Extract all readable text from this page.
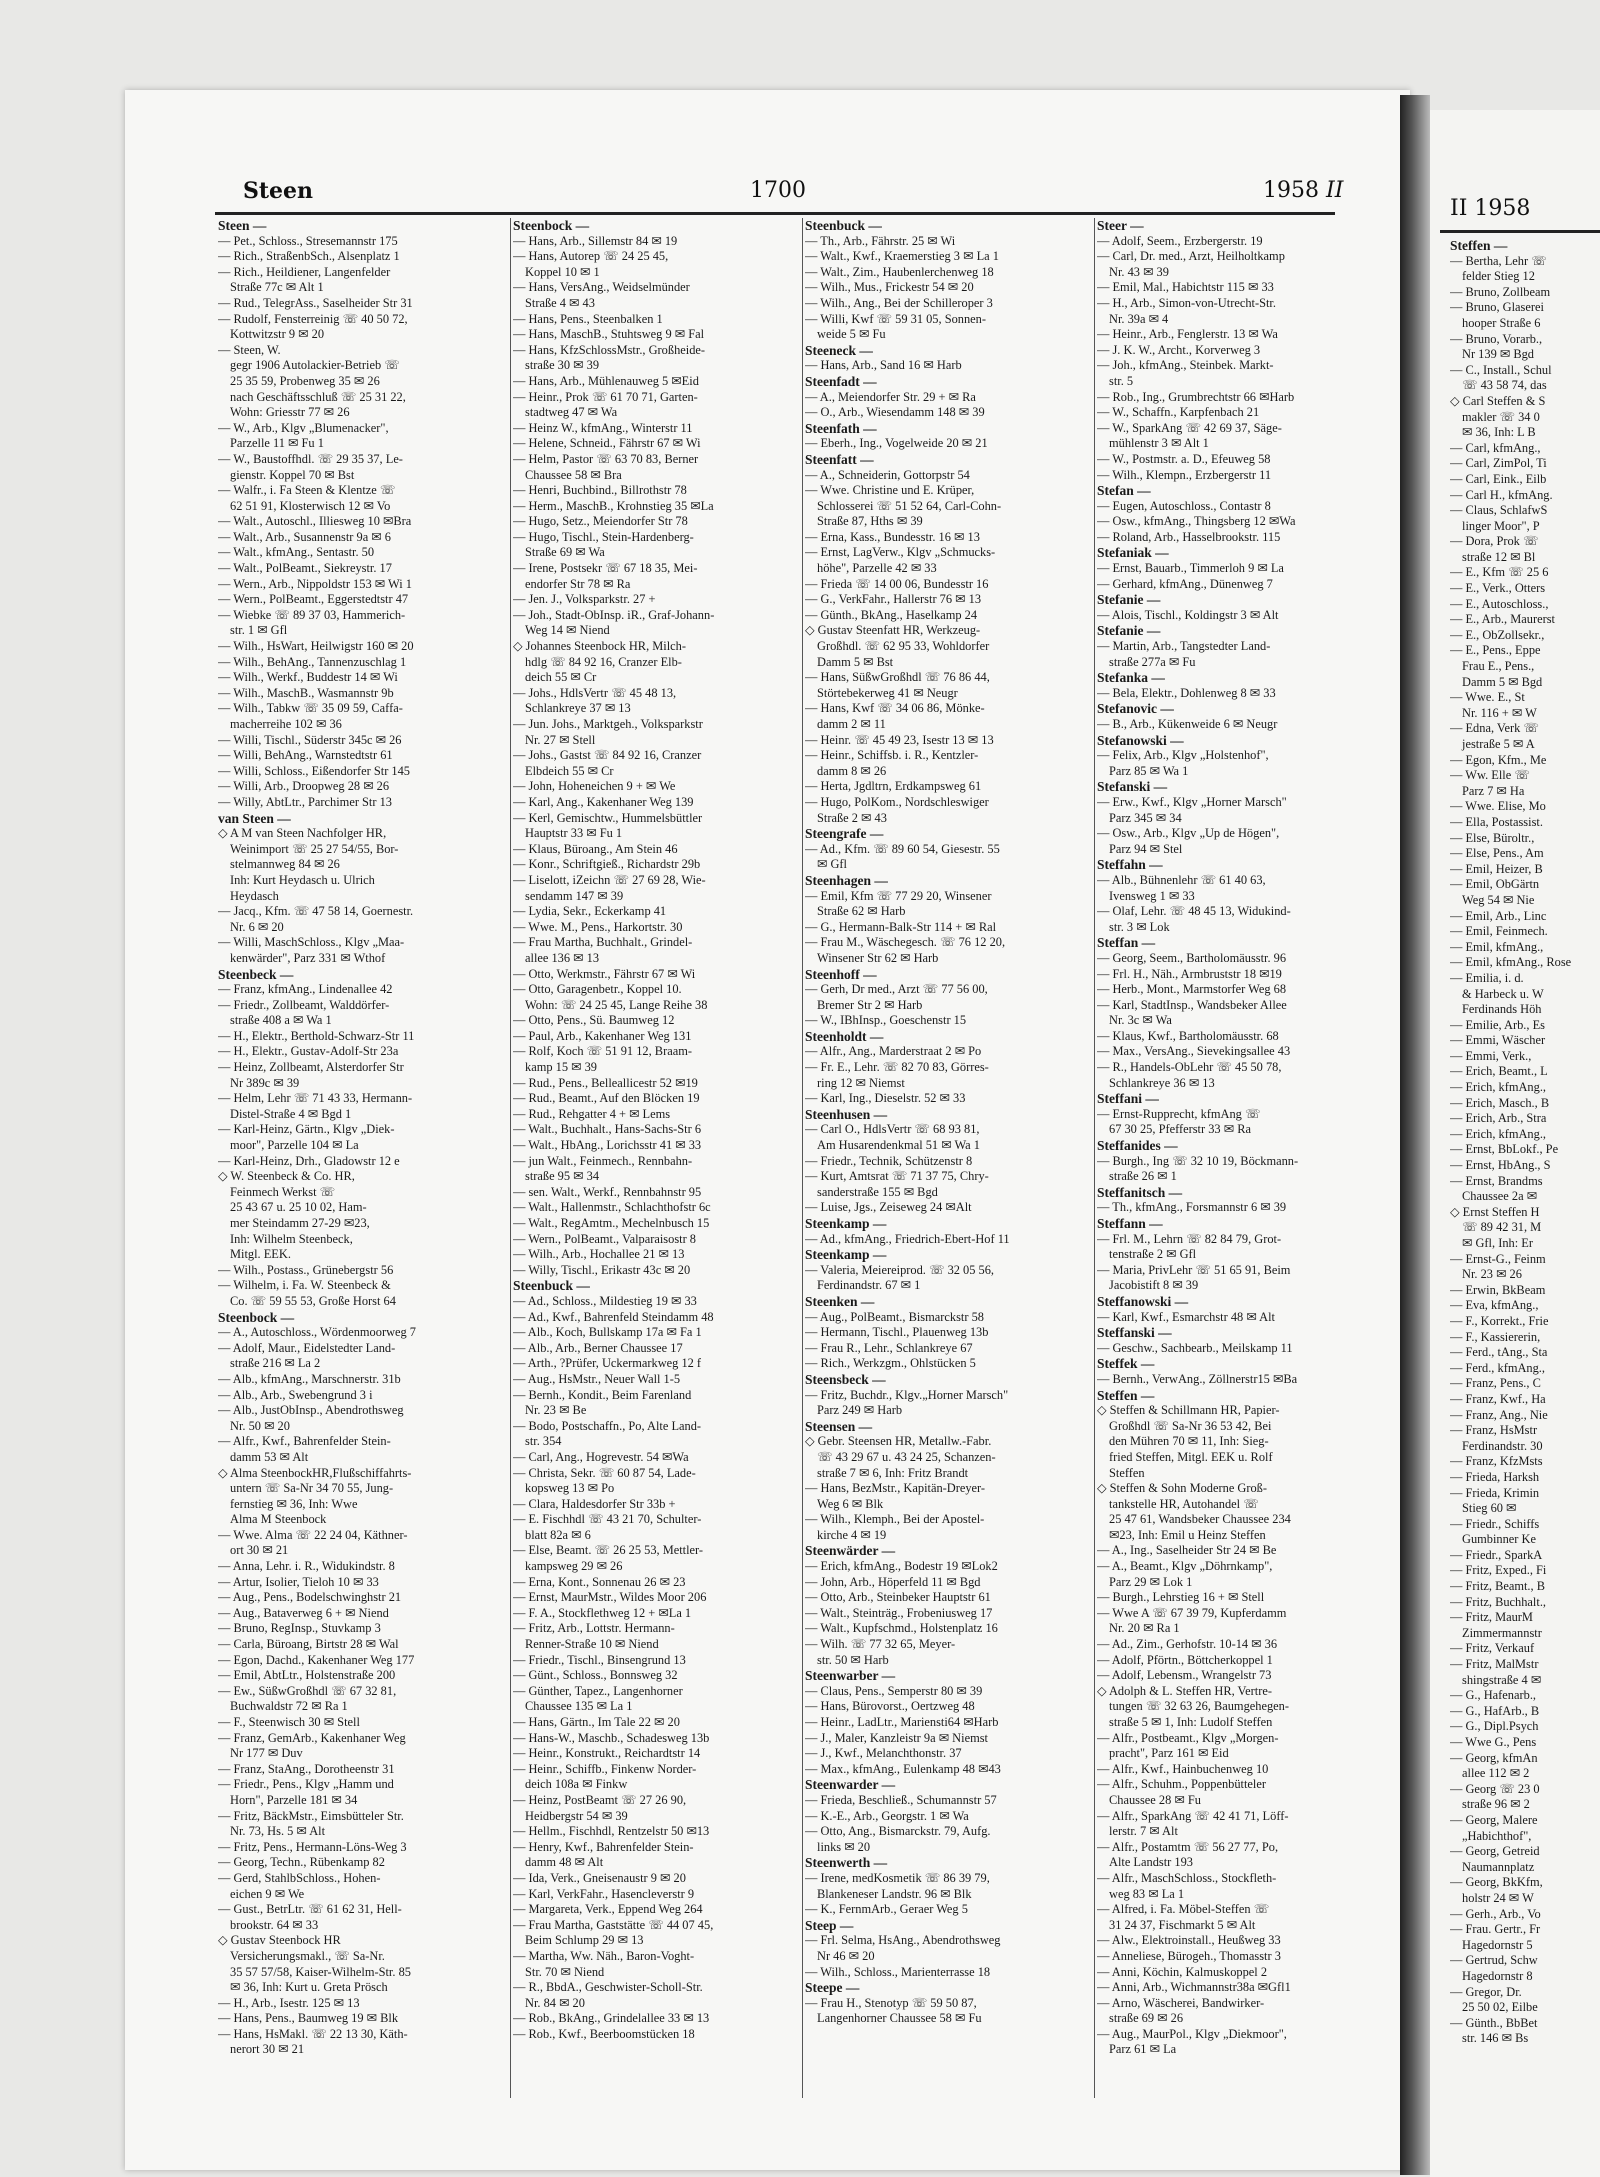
II 1958
Steffen —
— Bertha, Lehr ☏
felder Stieg 12
— Bruno, Zollbeam
— Bruno, Glaserei
hooper Straße 6
— Bruno, Vorarb.,
Nr 139 ✉ Bgd
— C., Install., Schul
☏ 43 58 74, das
◇ Carl Steffen & S
makler ☏ 34 0
✉ 36, Inh: L B
— Carl, kfmAng.,
— Carl, ZimPol, Ti
— Carl, Eink., Eilb
— Carl H., kfmAng.
— Claus, SchlafwS
linger Moor", P
— Dora, Prok ☏
straße 12 ✉ Bl
— E., Kfm ☏ 25 6
— E., Verk., Otters
— E., Autoschloss.,
— E., Arb., Maurerst
— E., ObZollsekr.,
— E., Pens., Eppe
Frau E., Pens.,
Damm 5 ✉ Bgd
— Wwe. E., St
Nr. 116 + ✉ W
— Edna, Verk ☏
jestraße 5 ✉ A
— Egon, Kfm., Me
— Ww. Elle ☏
Parz 7 ✉ Ha
— Wwe. Elise, Mo
— Ella, Postassist.
— Else, Büroltr.,
— Else, Pens., Am
— Emil, Heizer, B
— Emil, ObGärtn
Weg 54 ✉ Nie
— Emil, Arb., Linc
— Emil, Feinmech.
— Emil, kfmAng.,
— Emil, kfmAng., Rose
— Emilia, i. d.
& Harbeck u. W
Ferdinands Höh
— Emilie, Arb., Es
— Emmi, Wäscher
— Emmi, Verk.,
— Erich, Beamt., L
— Erich, kfmAng.,
— Erich, Masch., B
— Erich, Arb., Stra
— Erich, kfmAng.,
— Ernst, BbLokf., Pe
— Ernst, HbAng., S
— Ernst, Brandms
Chaussee 2a ✉
◇ Ernst Steffen H
☏ 89 42 31, M
✉ Gfl, Inh: Er
— Ernst-G., Feinm
Nr. 23 ✉ 26
— Erwin, BkBeam
— Eva, kfmAng.,
— F., Korrekt., Frie
— F., Kassiererin,
— Ferd., tAng., Sta
— Ferd., kfmAng.,
— Franz, Pens., C
— Franz, Kwf., Ha
— Franz, Ang., Nie
— Franz, HsMstr
Ferdinandstr. 30
— Franz, KfzMsts
— Frieda, Harksh
— Frieda, Krimin
Stieg 60 ✉
— Friedr., Schiffs
Gumbinner Ke
— Friedr., SparkA
— Fritz, Exped., Fi
— Fritz, Beamt., B
— Fritz, Buchhalt.,
— Fritz, MaurM
Zimmermannstr
— Fritz, Verkauf
— Fritz, MalMstr
shingstraße 4 ✉
— G., Hafenarb.,
— G., HafArb., B
— G., Dipl.Psych
— Wwe G., Pens
— Georg, kfmAn
allee 112 ✉ 2
— Georg ☏ 23 0
straße 96 ✉ 2
— Georg, Malere
„Habichthof",
— Georg, Getreid
Naumannplatz
— Georg, BkKfm,
holstr 24 ✉ W
— Gerh., Arb., Vo
— Frau. Gertr., Fr
Hagedornstr 5
— Gertrud, Schw
Hagedornstr 8
— Gregor, Dr.
25 50 02, Eilbe
— Günth., BbBet
str. 146 ✉ Bs
Steen	1700	1958 II
Steen —
— Pet., Schloss., Stresemannstr 175
— Rich., StraßenbSch., Alsenplatz 1
— Rich., Heildiener, Langenfelder
Straße 77c ✉ Alt 1
— Rud., TelegrAss., Saselheider Str 31
— Rudolf, Fensterreinig ☏ 40 50 72,
Kottwitzstr 9 ✉ 20
— Steen, W.
gegr 1906 Autolackier-Betrieb ☏
25 35 59, Probenweg 35 ✉ 26
nach Geschäftsschluß ☏ 25 31 22,
Wohn: Griesstr 77 ✉ 26
— W., Arb., Klgv „Blumenacker",
Parzelle 11 ✉ Fu 1
— W., Baustoffhdl. ☏ 29 35 37, Le-
gienstr. Koppel 70 ✉ Bst
— Walfr., i. Fa Steen & Klentze ☏
62 51 91, Klosterwisch 12 ✉ Vo
— Walt., Autoschl., Illiesweg 10 ✉Bra
— Walt., Arb., Susannenstr 9a ✉ 6
— Walt., kfmAng., Sentastr. 50
— Walt., PolBeamt., Siekreystr. 17
— Wern., Arb., Nippoldstr 153 ✉ Wi 1
— Wern., PolBeamt., Eggerstedtstr 47
— Wiebke ☏ 89 37 03, Hammerich-
str. 1 ✉ Gfl
— Wilh., HsWart, Heilwigstr 160 ✉ 20
— Wilh., BehAng., Tannenzuschlag 1
— Wilh., Werkf., Buddestr 14 ✉ Wi
— Wilh., MaschB., Wasmannstr 9b
— Wilh., Tabkw ☏ 35 09 59, Caffa-
macherreihe 102 ✉ 36
— Willi, Tischl., Süderstr 345c ✉ 26
— Willi, BehAng., Warnstedtstr 61
— Willi, Schloss., Eißendorfer Str 145
— Willi, Arb., Droopweg 28 ✉ 26
— Willy, AbtLtr., Parchimer Str 13
van Steen —
◇ A M van Steen Nachfolger HR,
Weinimport ☏ 25 27 54/55, Bor-
stelmannweg 84 ✉ 26
Inh: Kurt Heydasch u. Ulrich
Heydasch
— Jacq., Kfm. ☏ 47 58 14, Goernestr.
Nr. 6 ✉ 20
— Willi, MaschSchloss., Klgv „Maa-
kenwärder", Parz 331 ✉ Wthof
Steenbeck —
— Franz, kfmAng., Lindenallee 42
— Friedr., Zollbeamt, Walddörfer-
straße 408 a ✉ Wa 1
— H., Elektr., Berthold-Schwarz-Str 11
— H., Elektr., Gustav-Adolf-Str 23a
— Heinz, Zollbeamt, Alsterdorfer Str
Nr 389c ✉ 39
— Helm, Lehr ☏ 71 43 33, Hermann-
Distel-Straße 4 ✉ Bgd 1
— Karl-Heinz, Gärtn., Klgv „Diek-
moor", Parzelle 104 ✉ La
— Karl-Heinz, Drh., Gladowstr 12 e
◇ W. Steenbeck & Co. HR,
Feinmech Werkst ☏
25 43 67 u. 25 10 02, Ham-
mer Steindamm 27-29 ✉23,
Inh: Wilhelm Steenbeck,
Mitgl. EEK.
— Wilh., Postass., Grünebergstr 56
— Wilhelm, i. Fa. W. Steenbeck &
Co. ☏ 59 55 53, Große Horst 64
Steenbock —
— A., Autoschloss., Wördenmoorweg 7
— Adolf, Maur., Eidelstedter Land-
straße 216 ✉ La 2
— Alb., kfmAng., Marschnerstr. 31b
— Alb., Arb., Swebengrund 3 i
— Alb., JustObInsp., Abendrothsweg
Nr. 50 ✉ 20
— Alfr., Kwf., Bahrenfelder Stein-
damm 53 ✉ Alt
◇ Alma SteenbockHR,Flußschiffahrts-
untern ☏ Sa-Nr 34 70 55, Jung-
fernstieg ✉ 36, Inh: Wwe
Alma M Steenbock
— Wwe. Alma ☏ 22 24 04, Käthner-
ort 30 ✉ 21
— Anna, Lehr. i. R., Widukindstr. 8
— Artur, Isolier, Tieloh 10 ✉ 33
— Aug., Pens., Bodelschwinghstr 21
— Aug., Bataverweg 6 + ✉ Niend
— Bruno, RegInsp., Stuvkamp 3
— Carla, Büroang, Birtstr 28 ✉ Wal
— Egon, Dachd., Kakenhaner Weg 177
— Emil, AbtLtr., Holstenstraße 200
— Ew., SüßwGroßhdl ☏ 67 32 81,
Buchwaldstr 72 ✉ Ra 1
— F., Steenwisch 30 ✉ Stell
— Franz, GemArb., Kakenhaner Weg
Nr 177 ✉ Duv
— Franz, StaAng., Dorotheenstr 31
— Friedr., Pens., Klgv „Hamm und
Horn", Parzelle 181 ✉ 34
— Fritz, BäckMstr., Eimsbütteler Str.
Nr. 73, Hs. 5 ✉ Alt
— Fritz, Pens., Hermann-Löns-Weg 3
— Georg, Techn., Rübenkamp 82
— Gerd, StahlbSchloss., Hohen-
eichen 9 ✉ We
— Gust., BetrLtr. ☏ 61 62 31, Hell-
brookstr. 64 ✉ 33
◇ Gustav Steenbock HR
Versicherungsmakl., ☏ Sa-Nr.
35 57 57/58, Kaiser-Wilhelm-Str. 85
✉ 36, Inh: Kurt u. Greta Prösch
— H., Arb., Isestr. 125 ✉ 13
— Hans, Pens., Baumweg 19 ✉ Blk
— Hans, HsMakl. ☏ 22 13 30, Käth-
nerort 30 ✉ 21
Steenbock —
— Hans, Arb., Sillemstr 84 ✉ 19
— Hans, Autorep ☏ 24 25 45,
Koppel 10 ✉ 1
— Hans, VersAng., Weidselmünder
Straße 4 ✉ 43
— Hans, Pens., Steenbalken 1
— Hans, MaschB., Stuhtsweg 9 ✉ Fal
— Hans, KfzSchlossMstr., Großheide-
straße 30 ✉ 39
— Hans, Arb., Mühlenauweg 5 ✉Eid
— Heinr., Prok ☏ 61 70 71, Garten-
stadtweg 47 ✉ Wa
— Heinz W., kfmAng., Winterstr 11
— Helene, Schneid., Fährstr 67 ✉ Wi
— Helm, Pastor ☏ 63 70 83, Berner
Chaussee 58 ✉ Bra
— Henri, Buchbind., Billrothstr 78
— Herm., MaschB., Krohnstieg 35 ✉La
— Hugo, Setz., Meiendorfer Str 78
— Hugo, Tischl., Stein-Hardenberg-
Straße 69 ✉ Wa
— Irene, Postsekr ☏ 67 18 35, Mei-
endorfer Str 78 ✉ Ra
— Jen. J., Volksparkstr. 27 +
— Joh., Stadt-ObInsp. iR., Graf-Johann-
Weg 14 ✉ Niend
◇ Johannes Steenbock HR, Milch-
hdlg ☏ 84 92 16, Cranzer Elb-
deich 55 ✉ Cr
— Johs., HdlsVertr ☏ 45 48 13,
Schlankreye 37 ✉ 13
— Jun. Johs., Marktgeh., Volksparkstr
Nr. 27 ✉ Stell
— Johs., Gastst ☏ 84 92 16, Cranzer
Elbdeich 55 ✉ Cr
— John, Hoheneichen 9 + ✉ We
— Karl, Ang., Kakenhaner Weg 139
— Kerl, Gemischtw., Hummelsbüttler
Hauptstr 33 ✉ Fu 1
— Klaus, Büroang., Am Stein 46
— Konr., Schriftgieß., Richardstr 29b
— Liselott, iZeichn ☏ 27 69 28, Wie-
sendamm 147 ✉ 39
— Lydia, Sekr., Eckerkamp 41
— Wwe. M., Pens., Harkortstr. 30
— Frau Martha, Buchhalt., Grindel-
allee 136 ✉ 13
— Otto, Werkmstr., Fährstr 67 ✉ Wi
— Otto, Garagenbetr., Koppel 10.
Wohn: ☏ 24 25 45, Lange Reihe 38
— Otto, Pens., Sü. Baumweg 12
— Paul, Arb., Kakenhaner Weg 131
— Rolf, Koch ☏ 51 91 12, Braam-
kamp 15 ✉ 39
— Rud., Pens., Belleallicestr 52 ✉19
— Rud., Beamt., Auf den Blöcken 19
— Rud., Rehgatter 4 + ✉ Lems
— Walt., Buchhalt., Hans-Sachs-Str 6
— Walt., HbAng., Lorichsstr 41 ✉ 33
— jun Walt., Feinmech., Rennbahn-
straße 95 ✉ 34
— sen. Walt., Werkf., Rennbahnstr 95
— Walt., Hallenmstr., Schlachthofstr 6c
— Walt., RegAmtm., Mechelnbusch 15
— Wern., PolBeamt., Valparaisostr 8
— Wilh., Arb., Hochallee 21 ✉ 13
— Willy, Tischl., Erikastr 43c ✉ 20
Steenbuck —
— Ad., Schloss., Mildestieg 19 ✉ 33
— Ad., Kwf., Bahrenfeld Steindamm 48
— Alb., Koch, Bullskamp 17a ✉ Fa 1
— Alb., Arb., Berner Chaussee 17
— Arth., ?Prüfer, Uckermarkweg 12 f
— Aug., HsMstr., Neuer Wall 1-5
— Bernh., Kondit., Beim Farenland
Nr. 23 ✉ Be
— Bodo, Postschaffn., Po, Alte Land-
str. 354
— Carl, Ang., Hogrevestr. 54 ✉Wa
— Christa, Sekr. ☏ 60 87 54, Lade-
kopsweg 13 ✉ Po
— Clara, Haldesdorfer Str 33b +
— E. Fischhdl ☏ 43 21 70, Schulter-
blatt 82a ✉ 6
— Else, Beamt. ☏ 26 25 53, Mettler-
kampsweg 29 ✉ 26
— Erna, Kont., Sonnenau 26 ✉ 23
— Ernst, MaurMstr., Wildes Moor 206
— F. A., Stockflethweg 12 + ✉La 1
— Fritz, Arb., Lottstr. Hermann-
Renner-Straße 10 ✉ Niend
— Friedr., Tischl., Binsengrund 13
— Günt., Schloss., Bonnsweg 32
— Günther, Tapez., Langenhorner
Chaussee 135 ✉ La 1
— Hans, Gärtn., Im Tale 22 ✉ 20
— Hans-W., Maschb., Schadesweg 13b
— Heinr., Konstrukt., Reichardtstr 14
— Heinr., Schiffb., Finkenw Norder-
deich 108a ✉ Finkw
— Heinz, PostBeamt ☏ 27 26 90,
Heidbergstr 54 ✉ 39
— Hellm., Fischhdl, Rentzelstr 50 ✉13
— Henry, Kwf., Bahrenfelder Stein-
damm 48 ✉ Alt
— Ida, Verk., Gneisenaustr 9 ✉ 20
— Karl, VerkFahr., Hasencleverstr 9
— Margareta, Verk., Eppend Weg 264
— Frau Martha, Gaststätte ☏ 44 07 45,
Beim Schlump 29 ✉ 13
— Martha, Ww. Näh., Baron-Voght-
Str. 70 ✉ Niend
— R., BbdA., Geschwister-Scholl-Str.
Nr. 84 ✉ 20
— Rob., BkAng., Grindelallee 33 ✉ 13
— Rob., Kwf., Beerboomstücken 18
Steenbuck —
— Th., Arb., Fährstr. 25 ✉ Wi
— Walt., Kwf., Kraemerstieg 3 ✉ La 1
— Walt., Zim., Haubenlerchenweg 18
— Wilh., Mus., Frickestr 54 ✉ 20
— Wilh., Ang., Bei der Schilleroper 3
— Willi, Kwf ☏ 59 31 05, Sonnen-
weide 5 ✉ Fu
Steeneck —
— Hans, Arb., Sand 16 ✉ Harb
Steenfadt —
— A., Meiendorfer Str. 29 + ✉ Ra
— O., Arb., Wiesendamm 148 ✉ 39
Steenfath —
— Eberh., Ing., Vogelweide 20 ✉ 21
Steenfatt —
— A., Schneiderin, Gottorpstr 54
— Wwe. Christine und E. Krüper,
Schlosserei ☏ 51 52 64, Carl-Cohn-
Straße 87, Hths ✉ 39
— Erna, Kass., Bundesstr. 16 ✉ 13
— Ernst, LagVerw., Klgv „Schmucks-
höhe", Parzelle 42 ✉ 33
— Frieda ☏ 14 00 06, Bundesstr 16
— G., VerkFahr., Hallerstr 76 ✉ 13
— Günth., BkAng., Haselkamp 24
◇ Gustav Steenfatt HR, Werkzeug-
Großhdl. ☏ 62 95 33, Wohldorfer
Damm 5 ✉ Bst
— Hans, SüßwGroßhdl ☏ 76 86 44,
Störtebekerweg 41 ✉ Neugr
— Hans, Kwf ☏ 34 06 86, Mönke-
damm 2 ✉ 11
— Heinr. ☏ 45 49 23, Isestr 13 ✉ 13
— Heinr., Schiffsb. i. R., Kentzler-
damm 8 ✉ 26
— Herta, Jgdltrn, Erdkampsweg 61
— Hugo, PolKom., Nordschleswiger
Straße 2 ✉ 43
Steengrafe —
— Ad., Kfm. ☏ 89 60 54, Giesestr. 55
✉ Gfl
Steenhagen —
— Emil, Kfm ☏ 77 29 20, Winsener
Straße 62 ✉ Harb
— G., Hermann-Balk-Str 114 + ✉ Ral
— Frau M., Wäschegesch. ☏ 76 12 20,
Winsener Str 62 ✉ Harb
Steenhoff —
— Gerh, Dr med., Arzt ☏ 77 56 00,
Bremer Str 2 ✉ Harb
— W., IBhInsp., Goeschenstr 15
Steenholdt —
— Alfr., Ang., Marderstraat 2 ✉ Po
— Fr. E., Lehr. ☏ 82 70 83, Görres-
ring 12 ✉ Niemst
— Karl, Ing., Dieselstr. 52 ✉ 33
Steenhusen —
— Carl O., HdlsVertr ☏ 68 93 81,
Am Husarendenkmal 51 ✉ Wa 1
— Friedr., Technik, Schützenstr 8
— Kurt, Amtsrat ☏ 71 37 75, Chry-
sanderstraße 155 ✉ Bgd
— Luise, Jgs., Zeiseweg 24 ✉Alt
Steenkamp —
— Ad., kfmAng., Friedrich-Ebert-Hof 11
Steenkamp —
— Valeria, Meiereiprod. ☏ 32 05 56,
Ferdinandstr. 67 ✉ 1
Steenken —
— Aug., PolBeamt., Bismarckstr 58
— Hermann, Tischl., Plauenweg 13b
— Frau R., Lehr., Schlankreye 67
— Rich., Werkzgm., Ohlstücken 5
Steensbeck —
— Fritz, Buchdr., Klgv.„Horner Marsch"
Parz 249 ✉ Harb
Steensen —
◇ Gebr. Steensen HR, Metallw.-Fabr.
☏ 43 29 67 u. 43 24 25, Schanzen-
straße 7 ✉ 6, Inh: Fritz Brandt
— Hans, BezMstr., Kapitän-Dreyer-
Weg 6 ✉ Blk
— Wilh., Klemph., Bei der Apostel-
kirche 4 ✉ 19
Steenwärder —
— Erich, kfmAng., Bodestr 19 ✉Lok2
— John, Arb., Höperfeld 11 ✉ Bgd
— Otto, Arb., Steinbeker Hauptstr 61
— Walt., Steinträg., Frobeniusweg 17
— Walt., Kupfschmd., Holstenplatz 16
— Wilh. ☏ 77 32 65, Meyer-
str. 50 ✉ Harb
Steenwarber —
— Claus, Pens., Semperstr 80 ✉ 39
— Hans, Bürovorst., Oertzweg 48
— Heinr., LadLtr., Mariensti64 ✉Harb
— J., Maler, Kanzleistr 9a ✉ Niemst
— J., Kwf., Melanchthonstr. 37
— Max., kfmAng., Eulenkamp 48 ✉43
Steenwarder —
— Frieda, Beschließ., Schumannstr 57
— K.-E., Arb., Georgstr. 1 ✉ Wa
— Otto, Ang., Bismarckstr. 79, Aufg.
links ✉ 20
Steenwerth —
— Irene, medKosmetik ☏ 86 39 79,
Blankeneser Landstr. 96 ✉ Blk
— K., FernmArb., Geraer Weg 5
Steep —
— Frl. Selma, HsAng., Abendrothsweg
Nr 46 ✉ 20
— Wilh., Schloss., Marienterrasse 18
Steepe —
— Frau H., Stenotyp ☏ 59 50 87,
Langenhorner Chaussee 58 ✉ Fu
Steer —
— Adolf, Seem., Erzbergerstr. 19
— Carl, Dr. med., Arzt, Heilholtkamp
Nr. 43 ✉ 39
— Emil, Mal., Habichtstr 115 ✉ 33
— H., Arb., Simon-von-Utrecht-Str.
Nr. 39a ✉ 4
— Heinr., Arb., Fenglerstr. 13 ✉ Wa
— J. K. W., Archt., Korverweg 3
— Joh., kfmAng., Steinbek. Markt-
str. 5
— Rob., Ing., Grumbrechtstr 66 ✉Harb
— W., Schaffn., Karpfenbach 21
— W., SparkAng ☏ 42 69 37, Säge-
mühlenstr 3 ✉ Alt 1
— W., Postmstr. a. D., Efeuweg 58
— Wilh., Klempn., Erzbergerstr 11
Stefan —
— Eugen, Autoschloss., Contastr 8
— Osw., kfmAng., Thingsberg 12 ✉Wa
— Roland, Arb., Hasselbrookstr. 115
Stefaniak —
— Ernst, Bauarb., Timmerloh 9 ✉ La
— Gerhard, kfmAng., Dünenweg 7
Stefanie —
— Alois, Tischl., Koldingstr 3 ✉ Alt
Stefanie —
— Martin, Arb., Tangstedter Land-
straße 277a ✉ Fu
Stefanka —
— Bela, Elektr., Dohlenweg 8 ✉ 33
Stefanovic —
— B., Arb., Kükenweide 6 ✉ Neugr
Stefanowski —
— Felix, Arb., Klgv „Holstenhof",
Parz 85 ✉ Wa 1
Stefanski —
— Erw., Kwf., Klgv „Horner Marsch"
Parz 345 ✉ 34
— Osw., Arb., Klgv „Up de Högen",
Parz 94 ✉ Stel
Steffahn —
— Alb., Bühnenlehr ☏ 61 40 63,
Ivensweg 1 ✉ 33
— Olaf, Lehr. ☏ 48 45 13, Widukind-
str. 3 ✉ Lok
Steffan —
— Georg, Seem., Bartholomäusstr. 96
— Frl. H., Näh., Armbruststr 18 ✉19
— Herb., Mont., Marmstorfer Weg 68
— Karl, StadtInsp., Wandsbeker Allee
Nr. 3c ✉ Wa
— Klaus, Kwf., Bartholomäusstr. 68
— Max., VersAng., Sievekingsallee 43
— R., Handels-ObLehr ☏ 45 50 78,
Schlankreye 36 ✉ 13
Steffani —
— Ernst-Rupprecht, kfmAng ☏
67 30 25, Pfefferstr 33 ✉ Ra
Steffanides —
— Burgh., Ing ☏ 32 10 19, Böckmann-
straße 26 ✉ 1
Steffanitsch —
— Th., kfmAng., Forsmannstr 6 ✉ 39
Steffann —
— Frl. M., Lehrn ☏ 82 84 79, Grot-
tenstraße 2 ✉ Gfl
— Maria, PrivLehr ☏ 51 65 91, Beim
Jacobistift 8 ✉ 39
Steffanowski —
— Karl, Kwf., Esmarchstr 48 ✉ Alt
Steffanski —
— Geschw., Sachbearb., Meilskamp 11
Steffek —
— Bernh., VerwAng., Zöllnerstr15 ✉Ba
Steffen —
◇ Steffen & Schillmann HR, Papier-
Großhdl ☏ Sa-Nr 36 53 42, Bei
den Mühren 70 ✉ 11, Inh: Sieg-
fried Steffen, Mitgl. EEK u. Rolf
Steffen
◇ Steffen & Sohn Moderne Groß-
tankstelle HR, Autohandel ☏
25 47 61, Wandsbeker Chaussee 234
✉23, Inh: Emil u Heinz Steffen
— A., Ing., Saselheider Str 24 ✉ Be
— A., Beamt., Klgv „Döhrnkamp",
Parz 29 ✉ Lok 1
— Burgh., Lehrstieg 16 + ✉ Stell
— Wwe A ☏ 67 39 79, Kupferdamm
Nr. 20 ✉ Ra 1
— Ad., Zim., Gerhofstr. 10-14 ✉ 36
— Adolf, Pförtn., Böttcherkoppel 1
— Adolf, Lebensm., Wrangelstr 73
◇ Adolph & L. Steffen HR, Vertre-
tungen ☏ 32 63 26, Baumgehegen-
straße 5 ✉ 1, Inh: Ludolf Steffen
— Alfr., Postbeamt., Klgv „Morgen-
pracht", Parz 161 ✉ Eid
— Alfr., Kwf., Hainbuchenweg 10
— Alfr., Schuhm., Poppenbütteler
Chaussee 28 ✉ Fu
— Alfr., SparkAng ☏ 42 41 71, Löff-
lerstr. 7 ✉ Alt
— Alfr., Postamtm ☏ 56 27 77, Po,
Alte Landstr 193
— Alfr., MaschSchloss., Stockfleth-
weg 83 ✉ La 1
— Alfred, i. Fa. Möbel-Steffen ☏
31 24 37, Fischmarkt 5 ✉ Alt
— Alw., Elektroinstall., Heußweg 33
— Anneliese, Bürogeh., Thomasstr 3
— Anni, Köchin, Kalmuskoppel 2
— Anni, Arb., Wichmannstr38a ✉Gfl1
— Arno, Wäscherei, Bandwirker-
straße 69 ✉ 26
— Aug., MaurPol., Klgv „Diekmoor",
Parz 61 ✉ La
